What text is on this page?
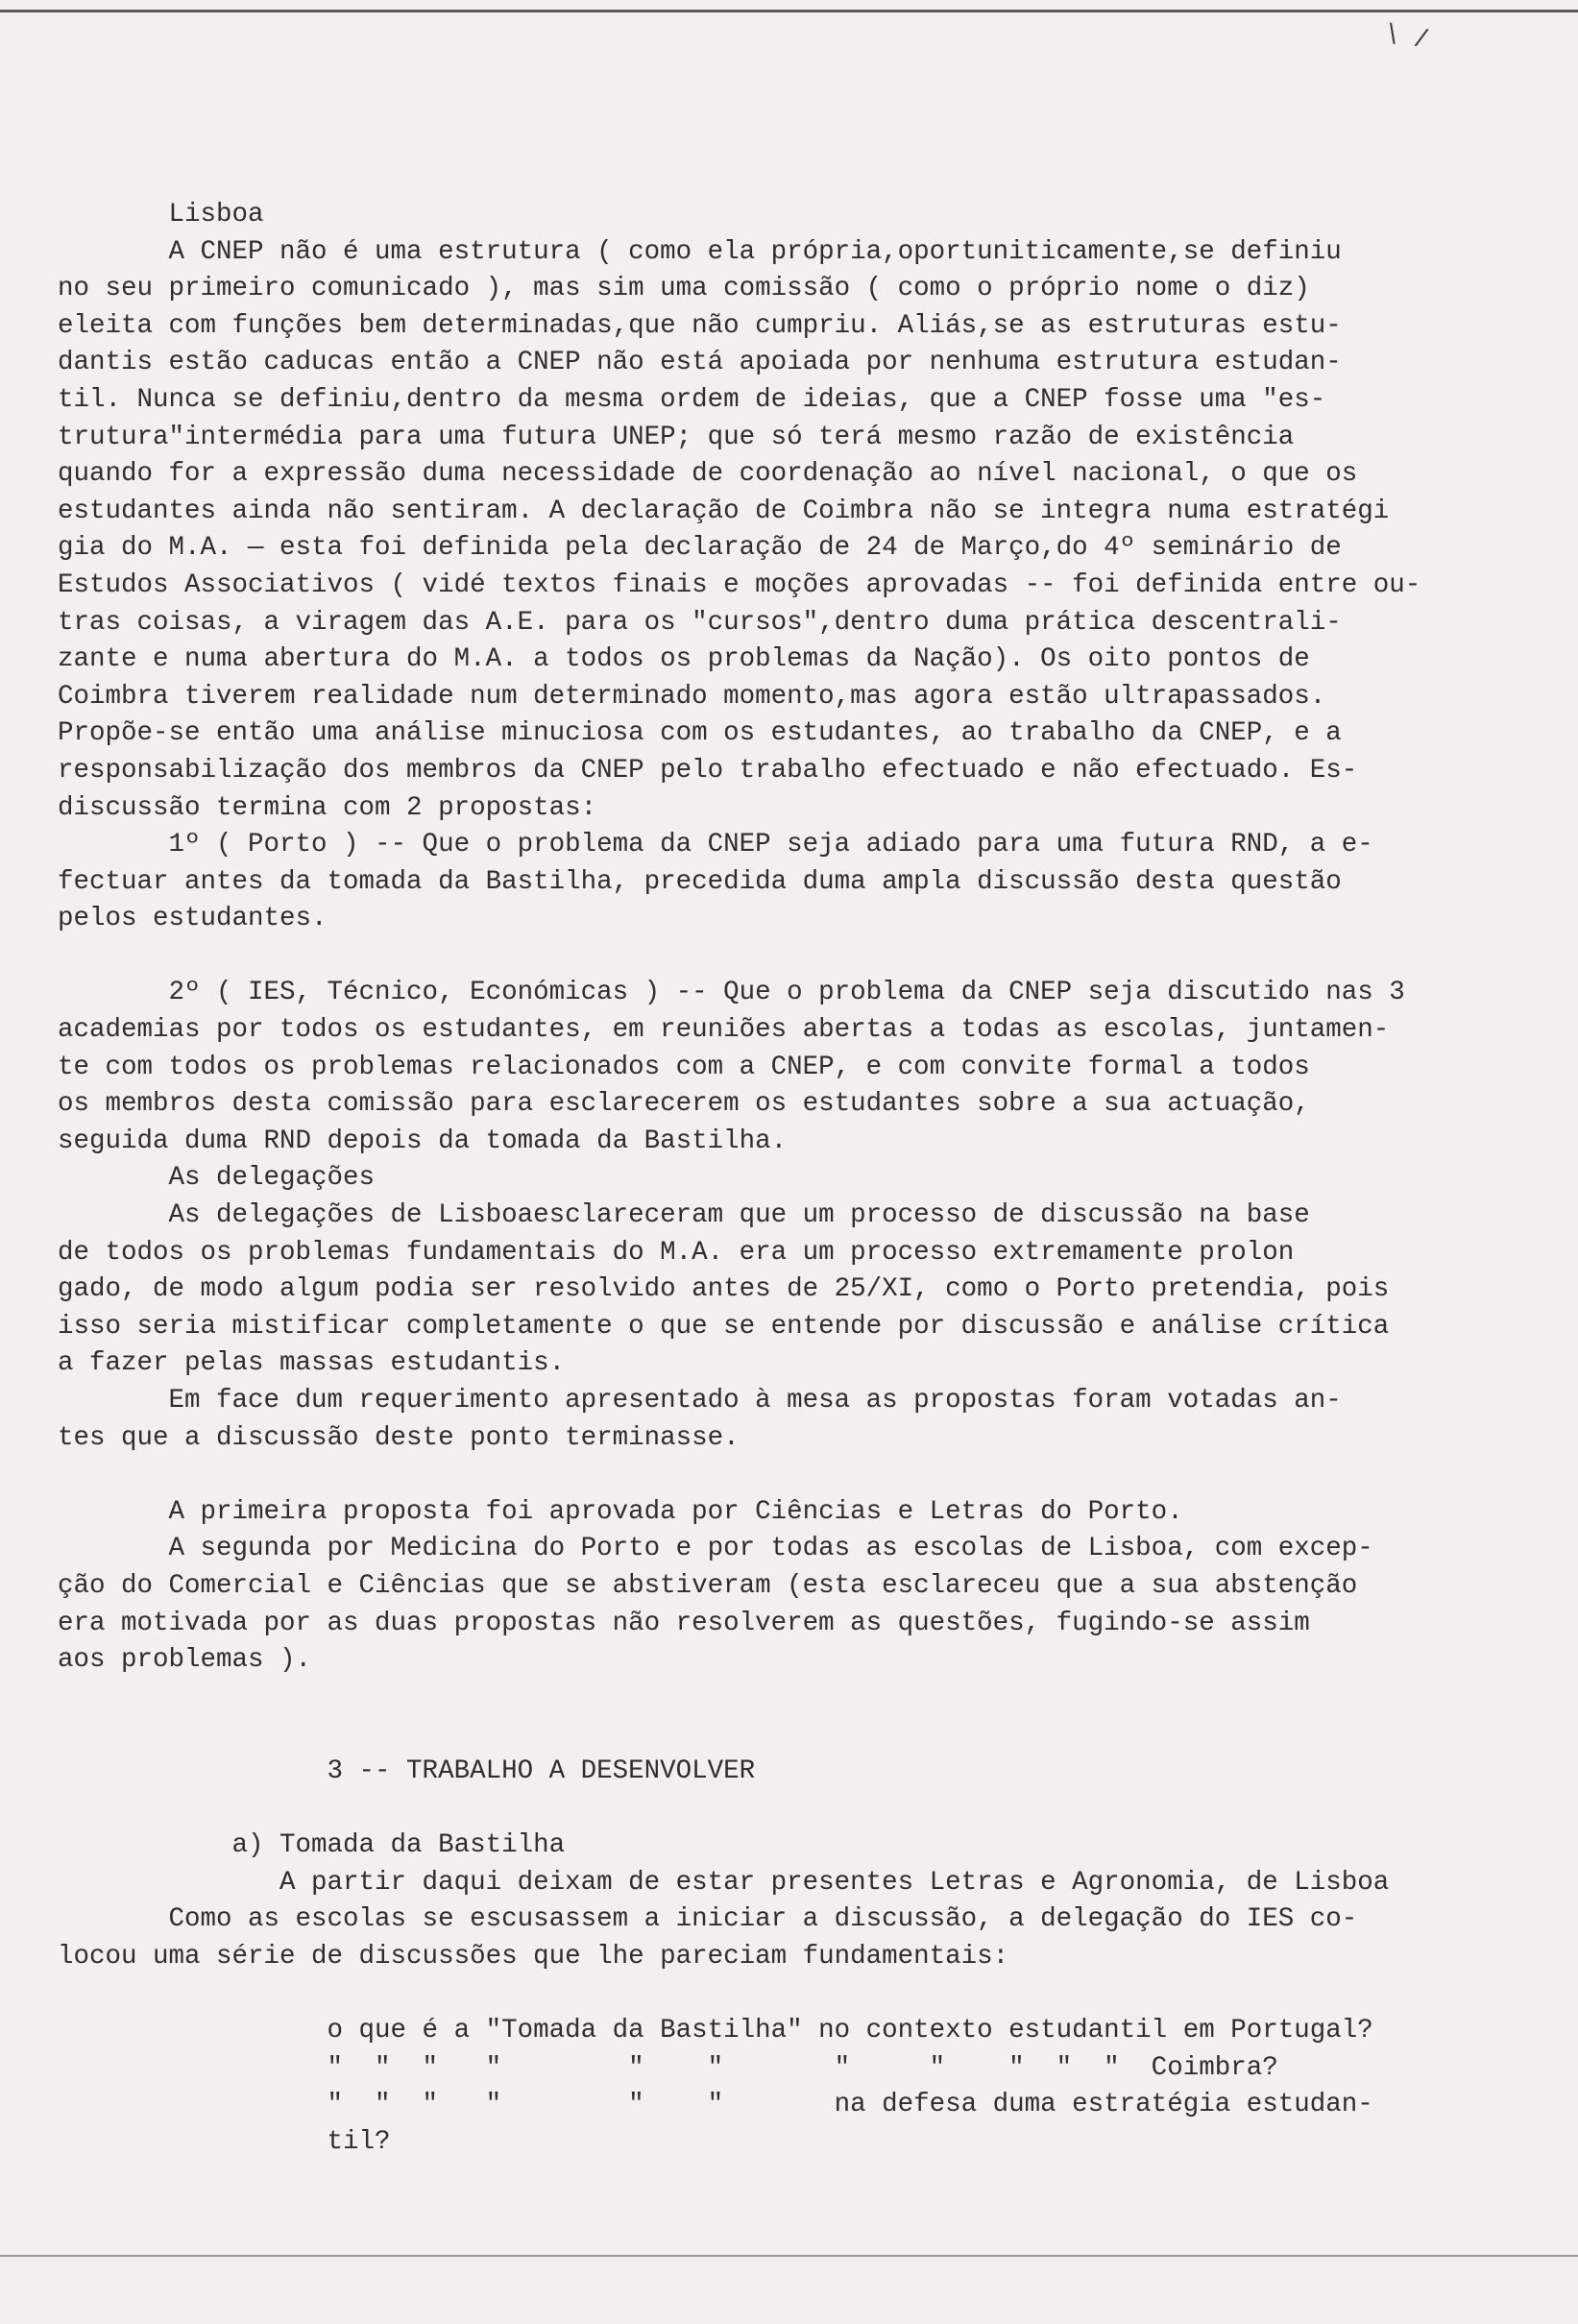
∖ /
Lisboa
A CNEP não é uma estrutura ( como ela própria,oportuniticamente,se definiu
no seu primeiro comunicado ), mas sim uma comissão ( como o próprio nome o diz)
eleita com funções bem determinadas,que não cumpriu. Aliás,se as estruturas estu-
dantis estão caducas então a CNEP não está apoiada por nenhuma estrutura estudan-
til. Nunca se definiu,dentro da mesma ordem de ideias, que a CNEP fosse uma "es-
trutura"intermédia para uma futura UNEP; que só terá mesmo razão de existência
quando for a expressão duma necessidade de coordenação ao nível nacional, o que os
estudantes ainda não sentiram. A declaração de Coimbra não se integra numa estratégi
gia do M.A. — esta foi definida pela declaração de 24 de Março,do 4º seminário de
Estudos Associativos ( vidé textos finais e moções aprovadas -- foi definida entre ou-
tras coisas, a viragem das A.E. para os "cursos",dentro duma prática descentrali-
zante e numa abertura do M.A. a todos os problemas da Nação). Os oito pontos de
Coimbra tiverem realidade num determinado momento,mas agora estão ultrapassados.
Propõe-se então uma análise minuciosa com os estudantes, ao trabalho da CNEP, e a
responsabilização dos membros da CNEP pelo trabalho efectuado e não efectuado. Es-
discussão termina com 2 propostas:
1º ( Porto ) -- Que o problema da CNEP seja adiado para uma futura RND, a e-
fectuar antes da tomada da Bastilha, precedida duma ampla discussão desta questão
pelos estudantes.
2º ( IES, Técnico, Económicas ) -- Que o problema da CNEP seja discutido nas 3
academias por todos os estudantes, em reuniões abertas a todas as escolas, juntamen-
te com todos os problemas relacionados com a CNEP, e com convite formal a todos
os membros desta comissão para esclarecerem os estudantes sobre a sua actuação,
seguida duma RND depois da tomada da Bastilha.
As delegações
As delegações de Lisboaesclareceram que um processo de discussão na base
de todos os problemas fundamentais do M.A. era um processo extremamente prolon
gado, de modo algum podia ser resolvido antes de 25/XI, como o Porto pretendia, pois
isso seria mistificar completamente o que se entende por discussão e análise crítica
a fazer pelas massas estudantis.
Em face dum requerimento apresentado à mesa as propostas foram votadas an-
tes que a discussão deste ponto terminasse.
A primeira proposta foi aprovada por Ciências e Letras do Porto.
A segunda por Medicina do Porto e por todas as escolas de Lisboa, com excep-
ção do Comercial e Ciências que se abstiveram (esta esclareceu que a sua abstenção
era motivada por as duas propostas não resolverem as questões, fugindo-se assim
aos problemas ).
3 -- TRABALHO A DESENVOLVER
a) Tomada da Bastilha
A partir daqui deixam de estar presentes Letras e Agronomia, de Lisboa
Como as escolas se escusassem a iniciar a discussão, a delegação do IES co-
locou uma série de discussões que lhe pareciam fundamentais:
o que é a "Tomada da Bastilha" no contexto estudantil em Portugal?
"  "  "   "        "    "       "     "    "  "  "  Coimbra?
"  "  "   "        "    "       na defesa duma estratégia estudan-
til?
